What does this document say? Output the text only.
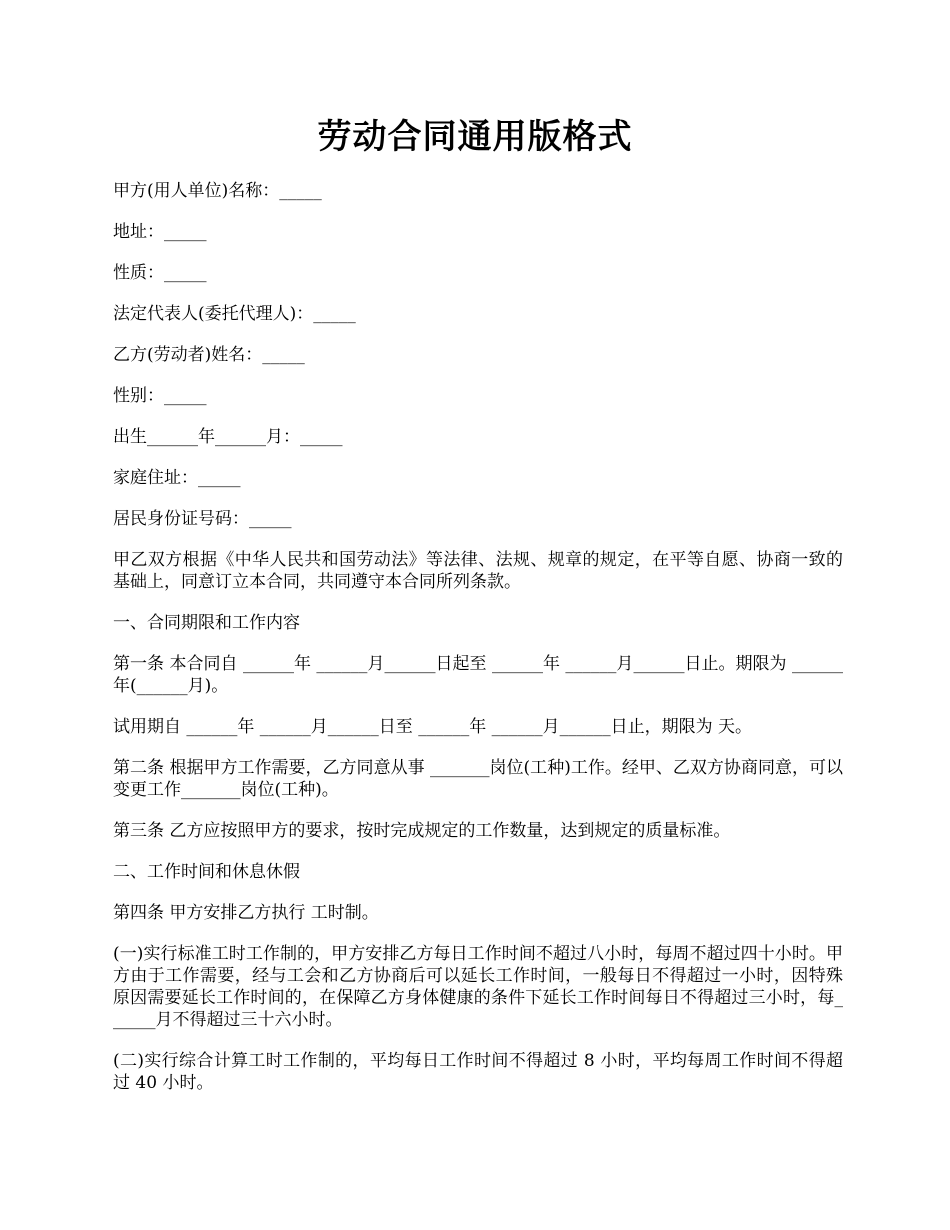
劳动合同通用版格式

甲方(用人单位)名称：_____

地址：_____

性质：_____

法定代表人(委托代理人)：_____

乙方(劳动者)姓名：_____

性别：_____

出生______年______月：_____

家庭住址：_____

居民身份证号码：_____

甲乙双方根据《中华人民共和国劳动法》等法律、法规、规章的规定，在平等自愿、协商一致的基础上，同意订立本合同，共同遵守本合同所列条款。

一、合同期限和工作内容

第一条 本合同自 ______年 ______月______日起至 ______年 ______月______日止。期限为 ______年(______月)。

试用期自 ______年 ______月______日至 ______年 ______月______日止，期限为 天。

第二条 根据甲方工作需要，乙方同意从事 _______岗位(工种)工作。经甲、乙双方协商同意，可以变更工作_______岗位(工种)。

第三条 乙方应按照甲方的要求，按时完成规定的工作数量，达到规定的质量标准。

二、工作时间和休息休假

第四条 甲方安排乙方执行 工时制。

(一)实行标准工时工作制的，甲方安排乙方每日工作时间不超过八小时，每周不超过四十小时。甲方由于工作需要，经与工会和乙方协商后可以延长工作时间，一般每日不得超过一小时，因特殊原因需要延长工作时间的，在保障乙方身体健康的条件下延长工作时间每日不得超过三小时，每______月不得超过三十六小时。

(二)实行综合计算工时工作制的，平均每日工作时间不得超过 8 小时，平均每周工作时间不得超过 40 小时。
